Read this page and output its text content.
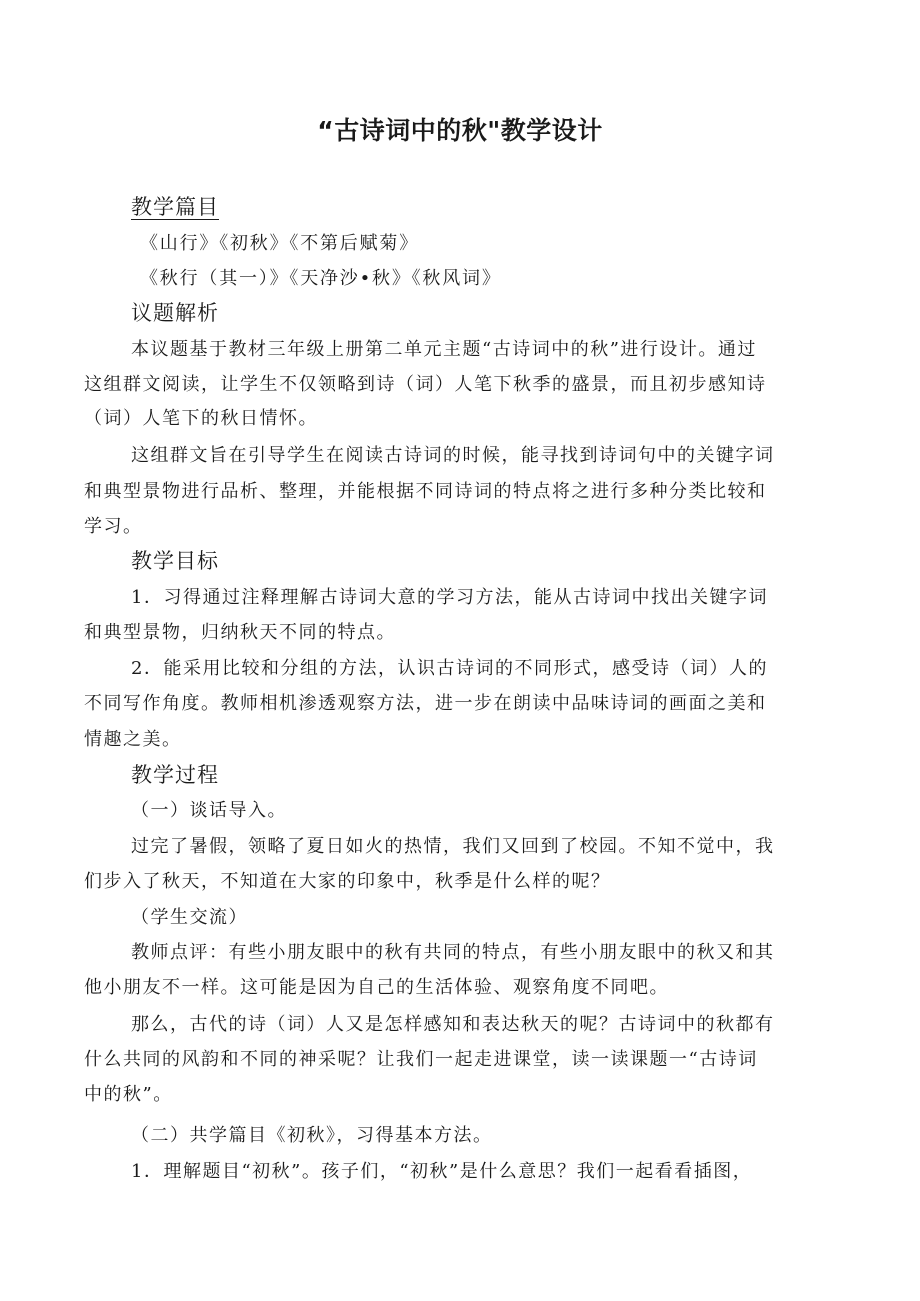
“古诗词中的秋"教学设计
教学篇目
《山行》《初秋》《不第后赋菊》
《秋行（其一）》《天净沙•秋》《秋风词》
议题解析
本议题基于教材三年级上册第二单元主题“古诗词中的秋”进行设计。通过
这组群文阅读，让学生不仅领略到诗（词）人笔下秋季的盛景，而且初步感知诗
（词）人笔下的秋日情怀。
这组群文旨在引导学生在阅读古诗词的时候，能寻找到诗词句中的关键字词
和典型景物进行品析、整理，并能根据不同诗词的特点将之进行多种分类比较和
学习。
教学目标
1．习得通过注释理解古诗词大意的学习方法，能从古诗词中找出关键字词
和典型景物，归纳秋天不同的特点。
2．能采用比较和分组的方法，认识古诗词的不同形式，感受诗（词）人的
不同写作角度。教师相机渗透观察方法，进一步在朗读中品味诗词的画面之美和
情趣之美。
教学过程
（一）谈话导入。
过完了暑假，领略了夏日如火的热情，我们又回到了校园。不知不觉中，我
们步入了秋天，不知道在大家的印象中，秋季是什么样的呢？
（学生交流）
教师点评：有些小朋友眼中的秋有共同的特点，有些小朋友眼中的秋又和其
他小朋友不一样。这可能是因为自己的生活体验、观察角度不同吧。
那么，古代的诗（词）人又是怎样感知和表达秋天的呢？古诗词中的秋都有
什么共同的风韵和不同的神采呢？让我们一起走进课堂，读一读课题一“古诗词
中的秋”。
（二）共学篇目《初秋》，习得基本方法。
1．理解题目“初秋”。孩子们，“初秋”是什么意思？我们一起看看插图，
